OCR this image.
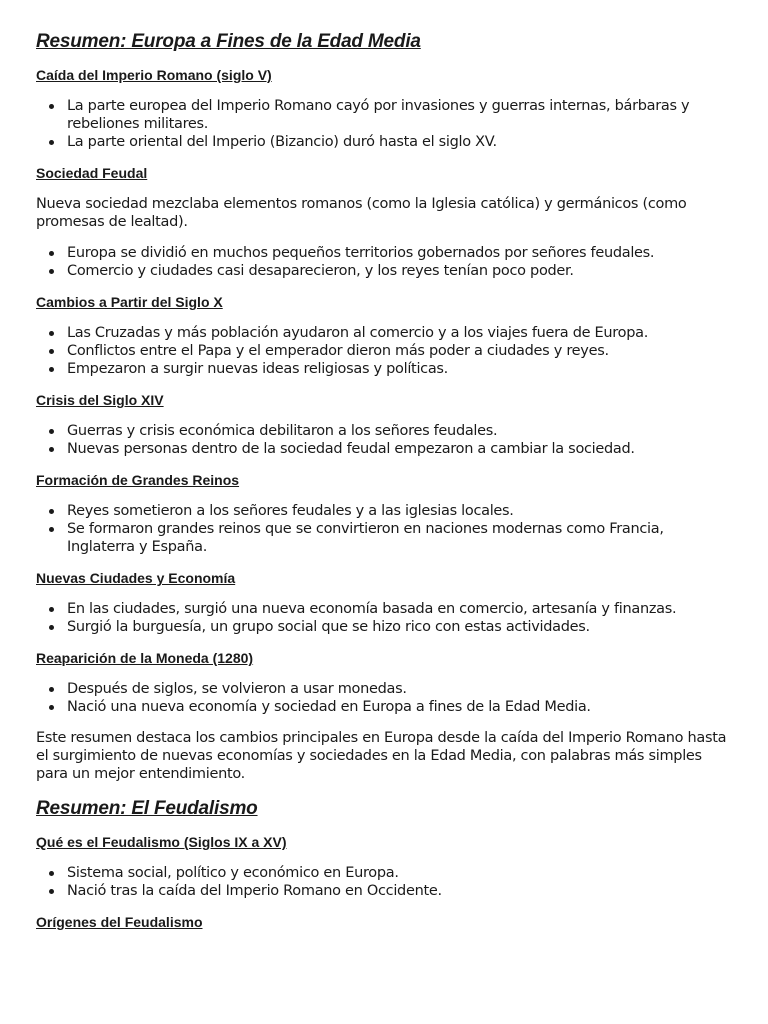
Resumen: Europa a Fines de la Edad Media
Caída del Imperio Romano (siglo V)
La parte europea del Imperio Romano cayó por invasiones y guerras internas, bárbaras y rebeliones militares.
La parte oriental del Imperio (Bizancio) duró hasta el siglo XV.
Sociedad Feudal

Nueva sociedad mezclaba elementos romanos (como la Iglesia católica) y germánicos (como promesas de lealtad).

Europa se dividió en muchos pequeños territorios gobernados por señores feudales.
Comercio y ciudades casi desaparecieron, y los reyes tenían poco poder.
Cambios a Partir del Siglo X
Las Cruzadas y más población ayudaron al comercio y a los viajes fuera de Europa.
Conflictos entre el Papa y el emperador dieron más poder a ciudades y reyes.
Empezaron a surgir nuevas ideas religiosas y políticas.
Crisis del Siglo XIV
Guerras y crisis económica debilitaron a los señores feudales.
Nuevas personas dentro de la sociedad feudal empezaron a cambiar la sociedad.
Formación de Grandes Reinos
Reyes sometieron a los señores feudales y a las iglesias locales.
Se formaron grandes reinos que se convirtieron en naciones modernas como Francia, Inglaterra y España.
Nuevas Ciudades y Economía
En las ciudades, surgió una nueva economía basada en comercio, artesanía y finanzas.
Surgió la burguesía, un grupo social que se hizo rico con estas actividades.
Reaparición de la Moneda (1280)
Después de siglos, se volvieron a usar monedas.
Nació una nueva economía y sociedad en Europa a fines de la Edad Media.

Este resumen destaca los cambios principales en Europa desde la caída del Imperio Romano hasta el surgimiento de nuevas economías y sociedades en la Edad Media, con palabras más simples para un mejor entendimiento.

Resumen: El Feudalismo
Qué es el Feudalismo (Siglos IX a XV)
Sistema social, político y económico en Europa.
Nació tras la caída del Imperio Romano en Occidente.
Orígenes del Feudalismo
